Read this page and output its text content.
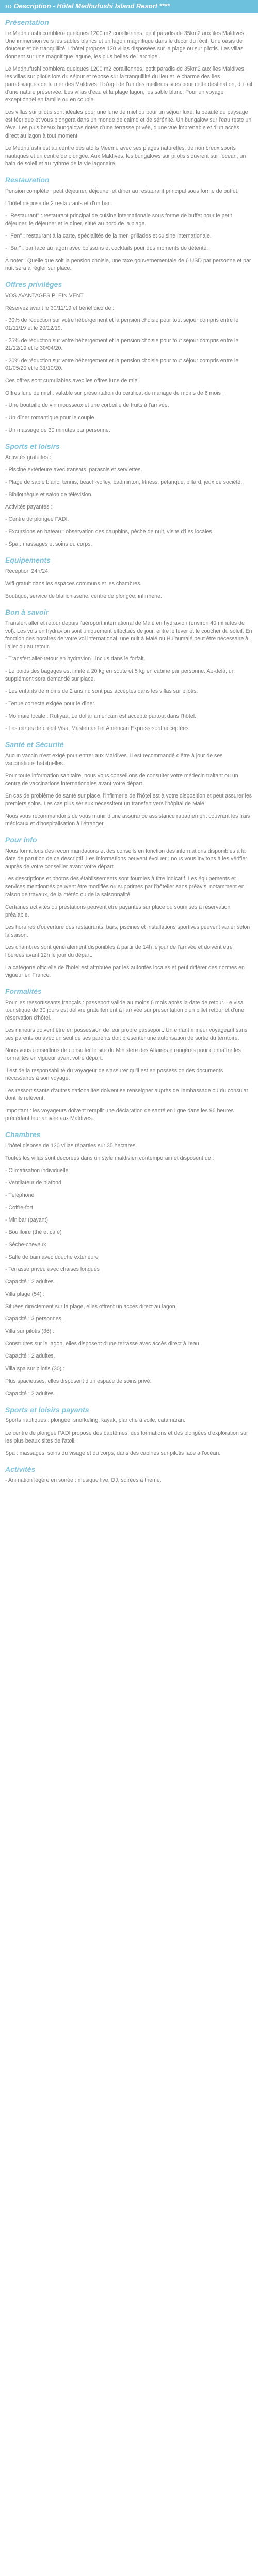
››› Description - Hôtel Medhufushi Island Resort ****
Présentation

Le Medhufushi comblera quelques 1200 m2 coralliennes, petit paradis de 35km2 aux îles Maldives. Une immersion vers les sables blancs et un lagon magnifique dans le décor du récif. Une oasis de douceur et de tranquillité. L'hôtel propose 120 villas disposées sur la plage ou sur pilotis. Les villas donnent sur une magnifique lagune, les plus belles de l'archipel.

Le Medhufushi comblera quelques 1200 m2 coralliennes, petit paradis de 35km2 aux îles Maldives, les villas sur pilotis lors du séjour et repose sur la tranquillité du lieu et le charme des îles paradisiaques de la mer des Maldives. Il s'agit de l'un des meilleurs sites pour cette destination, du fait d'une nature préservée. Les villas d'eau et la plage lagon, les sable blanc. Pour un voyage exceptionnel en famille ou en couple.

Les villas sur pilotis sont idéales pour une lune de miel ou pour un séjour luxe; la beauté du paysage est féerique et vous plongera dans un monde de calme et de sérénité. Un bungalow sur l'eau reste un rêve. Les plus beaux bungalows dotés d'une terrasse privée, d'une vue imprenable et d'un accès direct au lagon à tout moment.

Le Medhufushi est au centre des atolls Meemu avec ses plages naturelles, de nombreux sports nautiques et un centre de plongée. Aux Maldives, les bungalows sur pilotis s'ouvrent sur l'océan, un bain de soleil et au rythme de la vie lagonaire.

Restauration

Pension complète : petit déjeuner, déjeuner et dîner au restaurant principal sous forme de buffet.

L'hôtel dispose de 2 restaurants et d'un bar :

- "Restaurant" : restaurant principal de cuisine internationale sous forme de buffet pour le petit déjeuner, le déjeuner et le dîner, situé au bord de la plage.

- "Fen" : restaurant à la carte, spécialités de la mer, grillades et cuisine internationale.

- "Bar" : bar face au lagon avec boissons et cocktails pour des moments de détente.

À noter : Quelle que soit la pension choisie, une taxe gouvernementale de 6 USD par personne et par nuit sera à régler sur place.

Offres privilèges

VOS AVANTAGES PLEIN VENT

Réservez avant le 30/11/19 et bénéficiez de :

- 30% de réduction sur votre hébergement et la pension choisie pour tout séjour compris entre le 01/11/19 et le 20/12/19.

- 25% de réduction sur votre hébergement et la pension choisie pour tout séjour compris entre le 21/12/19 et le 30/04/20.

- 20% de réduction sur votre hébergement et la pension choisie pour tout séjour compris entre le 01/05/20 et le 31/10/20.

Ces offres sont cumulables avec les offres lune de miel.

Offres lune de miel : valable sur présentation du certificat de mariage de moins de 6 mois :

- Une bouteille de vin mousseux et une corbeille de fruits à l'arrivée.

- Un dîner romantique pour le couple.

- Un massage de 30 minutes par personne.

Sports et loisirs

Activités gratuites :

- Piscine extérieure avec transats, parasols et serviettes.

- Plage de sable blanc, tennis, beach-volley, badminton, fitness, pétanque, billard, jeux de société.

- Bibliothèque et salon de télévision.

Activités payantes :

- Centre de plongée PADI.

- Excursions en bateau : observation des dauphins, pêche de nuit, visite d'îles locales.

- Spa : massages et soins du corps.

Equipements

Réception 24h/24.

Wifi gratuit dans les espaces communs et les chambres.

Boutique, service de blanchisserie, centre de plongée, infirmerie.

Bon à savoir

Transfert aller et retour depuis l'aéroport international de Malé en hydravion (environ 40 minutes de vol). Les vols en hydravion sont uniquement effectués de jour, entre le lever et le coucher du soleil. En fonction des horaires de votre vol international, une nuit à Malé ou Hulhumalé peut être nécessaire à l'aller ou au retour.

- Transfert aller-retour en hydravion : inclus dans le forfait.

- Le poids des bagages est limité à 20 kg en soute et 5 kg en cabine par personne. Au-delà, un supplément sera demandé sur place.

- Les enfants de moins de 2 ans ne sont pas acceptés dans les villas sur pilotis.

- Tenue correcte exigée pour le dîner.

- Monnaie locale : Rufiyaa. Le dollar américain est accepté partout dans l'hôtel.

- Les cartes de crédit Visa, Mastercard et American Express sont acceptées.

Santé et Sécurité

Aucun vaccin n'est exigé pour entrer aux Maldives. Il est recommandé d'être à jour de ses vaccinations habituelles.

Pour toute information sanitaire, nous vous conseillons de consulter votre médecin traitant ou un centre de vaccinations internationales avant votre départ.

En cas de problème de santé sur place, l'infirmerie de l'hôtel est à votre disposition et peut assurer les premiers soins. Les cas plus sérieux nécessitent un transfert vers l'hôpital de Malé.

Nous vous recommandons de vous munir d'une assurance assistance rapatriement couvrant les frais médicaux et d'hospitalisation à l'étranger.

Pour info

Nous formulons des recommandations et des conseils en fonction des informations disponibles à la date de parution de ce descriptif. Les informations peuvent évoluer ; nous vous invitons à les vérifier auprès de votre conseiller avant votre départ.

Les descriptions et photos des établissements sont fournies à titre indicatif. Les équipements et services mentionnés peuvent être modifiés ou supprimés par l'hôtelier sans préavis, notamment en raison de travaux, de la météo ou de la saisonnalité.

Certaines activités ou prestations peuvent être payantes sur place ou soumises à réservation préalable.

Les horaires d'ouverture des restaurants, bars, piscines et installations sportives peuvent varier selon la saison.

Les chambres sont généralement disponibles à partir de 14h le jour de l'arrivée et doivent être libérées avant 12h le jour du départ.

La catégorie officielle de l'hôtel est attribuée par les autorités locales et peut différer des normes en vigueur en France.

Formalités

Pour les ressortissants français : passeport valide au moins 6 mois après la date de retour. Le visa touristique de 30 jours est délivré gratuitement à l'arrivée sur présentation d'un billet retour et d'une réservation d'hôtel.

Les mineurs doivent être en possession de leur propre passeport. Un enfant mineur voyageant sans ses parents ou avec un seul de ses parents doit présenter une autorisation de sortie du territoire.

Nous vous conseillons de consulter le site du Ministère des Affaires étrangères pour connaître les formalités en vigueur avant votre départ.

Il est de la responsabilité du voyageur de s'assurer qu'il est en possession des documents nécessaires à son voyage.

Les ressortissants d'autres nationalités doivent se renseigner auprès de l'ambassade ou du consulat dont ils relèvent.

Important : les voyageurs doivent remplir une déclaration de santé en ligne dans les 96 heures précédant leur arrivée aux Maldives.

Chambres

L'hôtel dispose de 120 villas réparties sur 35 hectares.

Toutes les villas sont décorées dans un style maldivien contemporain et disposent de :

- Climatisation individuelle

- Ventilateur de plafond

- Téléphone

- Coffre-fort

- Minibar (payant)

- Bouilloire (thé et café)

- Sèche-cheveux

- Salle de bain avec douche extérieure

- Terrasse privée avec chaises longues

Capacité : 2 adultes.

Villa plage (54) :

Situées directement sur la plage, elles offrent un accès direct au lagon.

Capacité : 3 personnes.

Villa sur pilotis (36) :

Construites sur le lagon, elles disposent d'une terrasse avec accès direct à l'eau.

Capacité : 2 adultes.

Villa spa sur pilotis (30) :

Plus spacieuses, elles disposent d'un espace de soins privé.

Capacité : 2 adultes.

Sports et loisirs payants

Sports nautiques : plongée, snorkeling, kayak, planche à voile, catamaran.

Le centre de plongée PADI propose des baptêmes, des formations et des plongées d'exploration sur les plus beaux sites de l'atoll.

Spa : massages, soins du visage et du corps, dans des cabines sur pilotis face à l'océan.

Activités

- Animation légère en soirée : musique live, DJ, soirées à thème.
